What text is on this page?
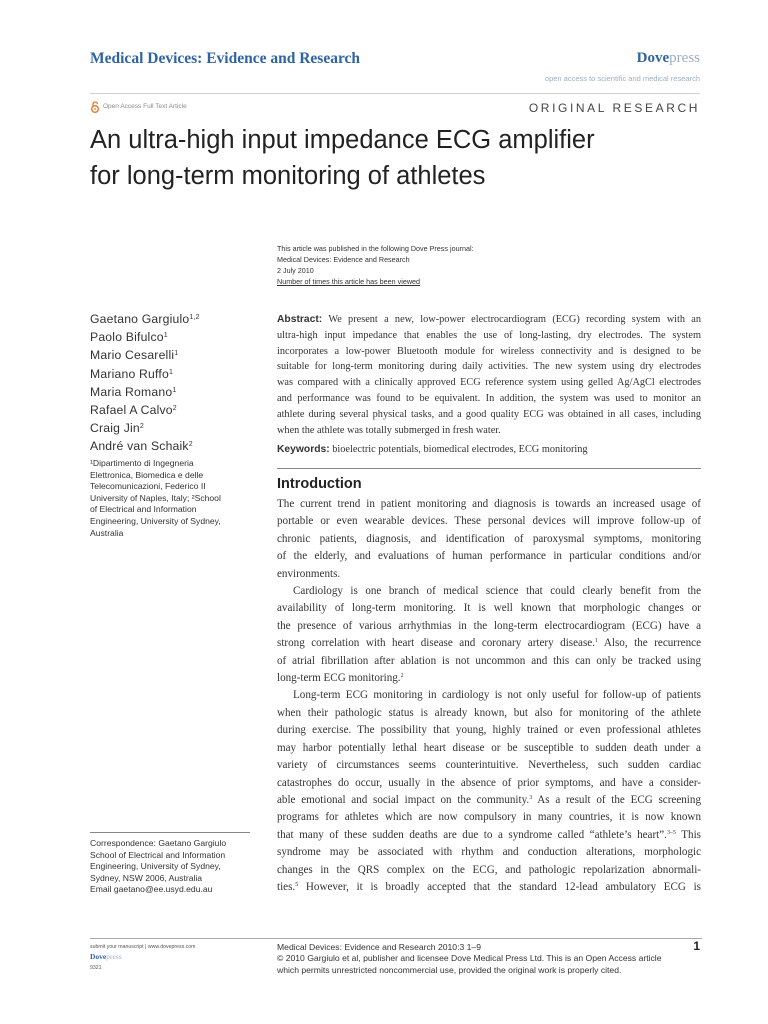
Medical Devices: Evidence and Research	Dovepress
open access to scientific and medical research
Open Access Full Text Article	ORIGINAL RESEARCH
An ultra-high input impedance ECG amplifier
for long-term monitoring of athletes
This article was published in the following Dove Press journal:
Medical Devices: Evidence and Research
2 July 2010
Number of times this article has been viewed
Gaetano Gargiulo$^{1,2}$
Paolo Bifulco$^1$
Mario Cesarelli$^1$
Mariano Ruffo$^1$
Maria Romano$^1$
Rafael A Calvo$^2$
Craig Jin$^2$
André van Schaik$^2$
¹Dipartimento di Ingegneria
Elettronica, Biomedica e delle
Telecomunicazioni, Federico II
University of Naples, Italy; ²School
of Electrical and Information
Engineering, University of Sydney,
Australia
Correspondence: Gaetano Gargiulo
School of Electrical and Information
Engineering, University of Sydney,
Sydney, NSW 2006, Australia
Email gaetano@ee.usyd.edu.au
Abstract: We present a new, low-power electrocardiogram (ECG) recording system with an
ultra-high input impedance that enables the use of long-lasting, dry electrodes. The system
incorporates a low-power Bluetooth module for wireless connectivity and is designed to be
suitable for long-term monitoring during daily activities. The new system using dry electrodes
was compared with a clinically approved ECG reference system using gelled Ag/AgCl electrodes
and performance was found to be equivalent. In addition, the system was used to monitor an
athlete during several physical tasks, and a good quality ECG was obtained in all cases, including
when the athlete was totally submerged in fresh water.
Keywords: bioelectric potentials, biomedical electrodes, ECG monitoring
Introduction
The current trend in patient monitoring and diagnosis is towards an increased usage of
portable or even wearable devices. These personal devices will improve follow-up of
chronic patients, diagnosis, and identification of paroxysmal symptoms, monitoring
of the elderly, and evaluations of human performance in particular conditions and/or
environments.
Cardiology is one branch of medical science that could clearly benefit from the
availability of long-term monitoring. It is well known that morphologic changes or
the presence of various arrhythmias in the long-term electrocardiogram (ECG) have a
strong correlation with heart disease and coronary artery disease.$^1$ Also, the recurrence
of atrial fibrillation after ablation is not uncommon and this can only be tracked using
long-term ECG monitoring.$^2$
Long-term ECG monitoring in cardiology is not only useful for follow-up of patients
when their pathologic status is already known, but also for monitoring of the athlete
during exercise. The possibility that young, highly trained or even professional athletes
may harbor potentially lethal heart disease or be susceptible to sudden death under a
variety of circumstances seems counterintuitive. Nevertheless, such sudden cardiac
catastrophes do occur, usually in the absence of prior symptoms, and have a consider-
able emotional and social impact on the community.$^3$ As a result of the ECG screening
programs for athletes which are now compulsory in many countries, it is now known
that many of these sudden deaths are due to a syndrome called “athlete’s heart”.$^{3-5}$ This
syndrome may be associated with rhythm and conduction alterations, morphologic
changes in the QRS complex on the ECG, and pathologic repolarization abnormali-
ties.$^5$ However, it is broadly accepted that the standard 12-lead ambulatory ECG is
submit your manuscript | www.dovepress.com
Dovepress
9321
Medical Devices: Evidence and Research 2010:3 1–9
© 2010 Gargiulo et al, publisher and licensee Dove Medical Press Ltd. This is an Open Access article
which permits unrestricted noncommercial use, provided the original work is properly cited.
1
